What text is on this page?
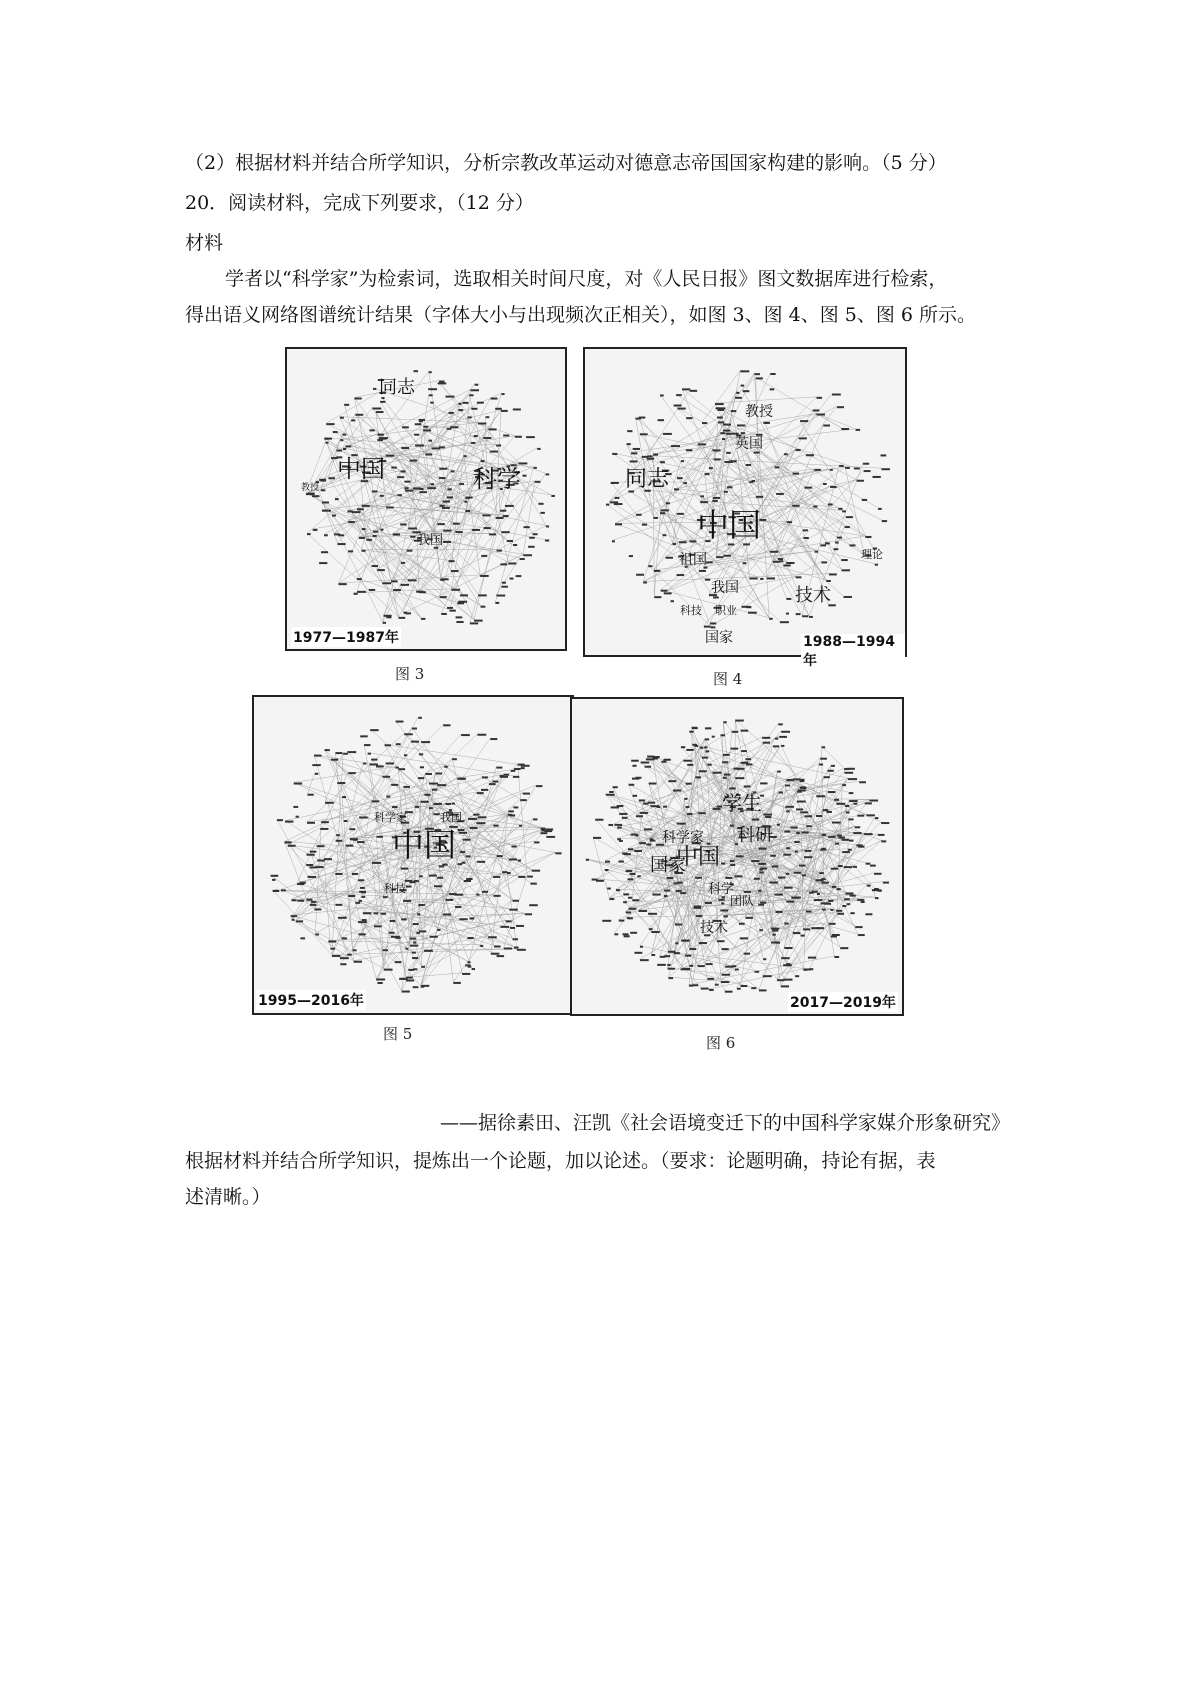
（2）根据材料并结合所学知识，分析宗教改革运动对德意志帝国国家构建的影响。（5 分）
20．阅读材料，完成下列要求，（12 分）
材料
学者以“科学家”为检索词，选取相关时间尺度，对《人民日报》图文数据库进行检索，
得出语义网络图谱统计结果（字体大小与出现频次正相关），如图 3、图 4、图 5、图 6 所示。
同志
中国	科学
我国
教授
1977—1987年
图 3
教授
英国
同志
中国
祖国
我国	技术
国家
职业
科技
理论
1988—1994年
图 4
中国
科学家	我国
科技
1995—2016年
图 5
学生
科学家 科研
中国
国家
科学
团队
技术
2017—2019年
图 6
——据徐素田、汪凯《社会语境变迁下的中国科学家媒介形象研究》
根据材料并结合所学知识，提炼出一个论题，加以论述。（要求：论题明确，持论有据，表
述清晰。）
